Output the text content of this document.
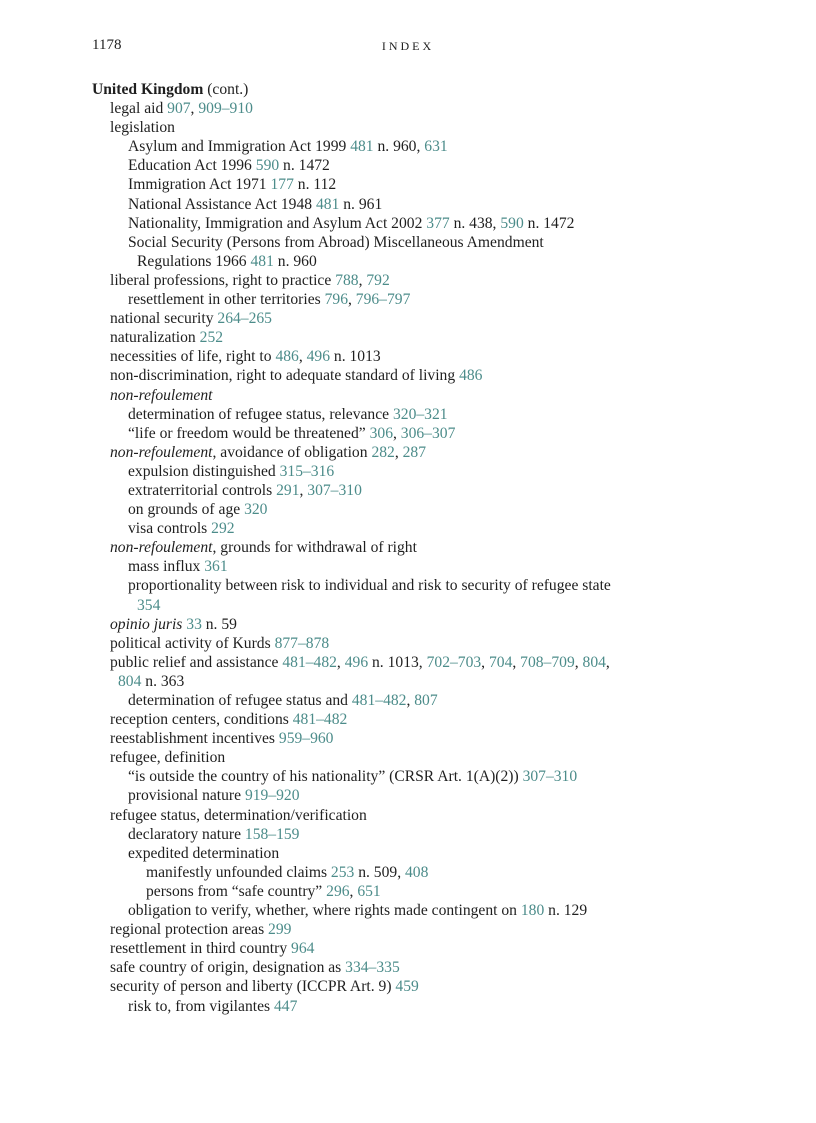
1178	INDEX
United Kingdom (cont.)
legal aid 907, 909–910
legislation
Asylum and Immigration Act 1999 481 n. 960, 631
Education Act 1996 590 n. 1472
Immigration Act 1971 177 n. 112
National Assistance Act 1948 481 n. 961
Nationality, Immigration and Asylum Act 2002 377 n. 438, 590 n. 1472
Social Security (Persons from Abroad) Miscellaneous Amendment
Regulations 1966 481 n. 960
liberal professions, right to practice 788, 792
resettlement in other territories 796, 796–797
national security 264–265
naturalization 252
necessities of life, right to 486, 496 n. 1013
non-discrimination, right to adequate standard of living 486
non-refoulement
determination of refugee status, relevance 320–321
“life or freedom would be threatened” 306, 306–307
non-refoulement, avoidance of obligation 282, 287
expulsion distinguished 315–316
extraterritorial controls 291, 307–310
on grounds of age 320
visa controls 292
non-refoulement, grounds for withdrawal of right
mass influx 361
proportionality between risk to individual and risk to security of refugee state
354
opinio juris 33 n. 59
political activity of Kurds 877–878
public relief and assistance 481–482, 496 n. 1013, 702–703, 704, 708–709, 804,
804 n. 363
determination of refugee status and 481–482, 807
reception centers, conditions 481–482
reestablishment incentives 959–960
refugee, definition
“is outside the country of his nationality” (CRSR Art. 1(A)(2)) 307–310
provisional nature 919–920
refugee status, determination/verification
declaratory nature 158–159
expedited determination
manifestly unfounded claims 253 n. 509, 408
persons from “safe country” 296, 651
obligation to verify, whether, where rights made contingent on 180 n. 129
regional protection areas 299
resettlement in third country 964
safe country of origin, designation as 334–335
security of person and liberty (ICCPR Art. 9) 459
risk to, from vigilantes 447
